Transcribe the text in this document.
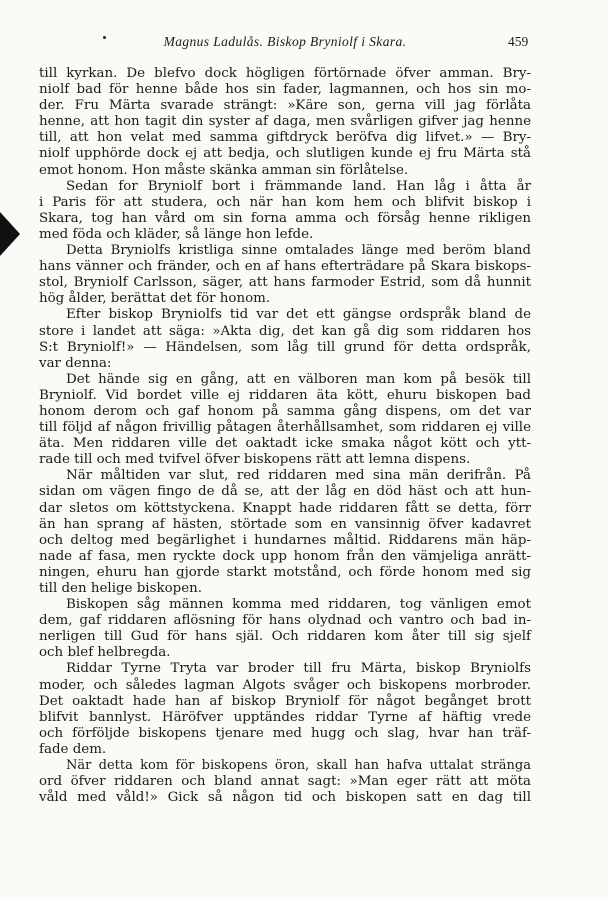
Magnus Ladulås. Biskop Bryniolf i Skara.	459
till kyrkan. De blefvo dock högligen förtörnade öfver amman. Bry-
niolf bad för henne både hos sin fader, lagmannen, och hos sin mo-
der. Fru Märta svarade strängt: »Käre son, gerna vill jag förlåta
henne, att hon tagit din syster af daga, men svårligen gifver jag henne
till, att hon velat med samma giftdryck beröfva dig lifvet.» — Bry-
niolf upphörde dock ej att bedja, och slutligen kunde ej fru Märta stå
emot honom. Hon måste skänka amman sin förlåtelse.
Sedan for Bryniolf bort i främmande land. Han låg i åtta år
i Paris för att studera, och när han kom hem och blifvit biskop i
Skara, tog han vård om sin forna amma och försåg henne rikligen
med föda och kläder, så länge hon lefde.
Detta Bryniolfs kristliga sinne omtalades länge med beröm bland
hans vänner och fränder, och en af hans efterträdare på Skara biskops-
stol, Bryniolf Carlsson, säger, att hans farmoder Estrid, som då hunnit
hög ålder, berättat det för honom.
Efter biskop Bryniolfs tid var det ett gängse ordspråk bland de
store i landet att säga: »Akta dig, det kan gå dig som riddaren hos
S:t Bryniolf!» — Händelsen, som låg till grund för detta ordspråk,
var denna:
Det hände sig en gång, att en välboren man kom på besök till
Bryniolf. Vid bordet ville ej riddaren äta kött, ehuru biskopen bad
honom derom och gaf honom på samma gång dispens, om det var
till följd af någon frivillig påtagen återhållsamhet, som riddaren ej ville
äta. Men riddaren ville det oaktadt icke smaka något kött och ytt-
rade till och med tvifvel öfver biskopens rätt att lemna dispens.
När måltiden var slut, red riddaren med sina män derifrån. På
sidan om vägen fingo de då se, att der låg en död häst och att hun-
dar sletos om köttstyckena. Knappt hade riddaren fått se detta, förr
än han sprang af hästen, störtade som en vansinnig öfver kadavret
och deltog med begärlighet i hundarnes måltid. Riddarens män häp-
nade af fasa, men ryckte dock upp honom från den vämjeliga anrätt-
ningen, ehuru han gjorde starkt motstånd, och förde honom med sig
till den helige biskopen.
Biskopen såg männen komma med riddaren, tog vänligen emot
dem, gaf riddaren aflösning för hans olydnad och vantro och bad in-
nerligen till Gud för hans själ. Och riddaren kom åter till sig sjelf
och blef helbregda.
Riddar Tyrne Tryta var broder till fru Märta, biskop Bryniolfs
moder, och således lagman Algots svåger och biskopens morbroder.
Det oaktadt hade han af biskop Bryniolf för något begånget brott
blifvit bannlyst. Häröfver upptändes riddar Tyrne af häftig vrede
och förföljde biskopens tjenare med hugg och slag, hvar han träf-
fade dem.
När detta kom för biskopens öron, skall han hafva uttalat stränga
ord öfver riddaren och bland annat sagt: »Man eger rätt att möta
våld med våld!» Gick så någon tid och biskopen satt en dag till
